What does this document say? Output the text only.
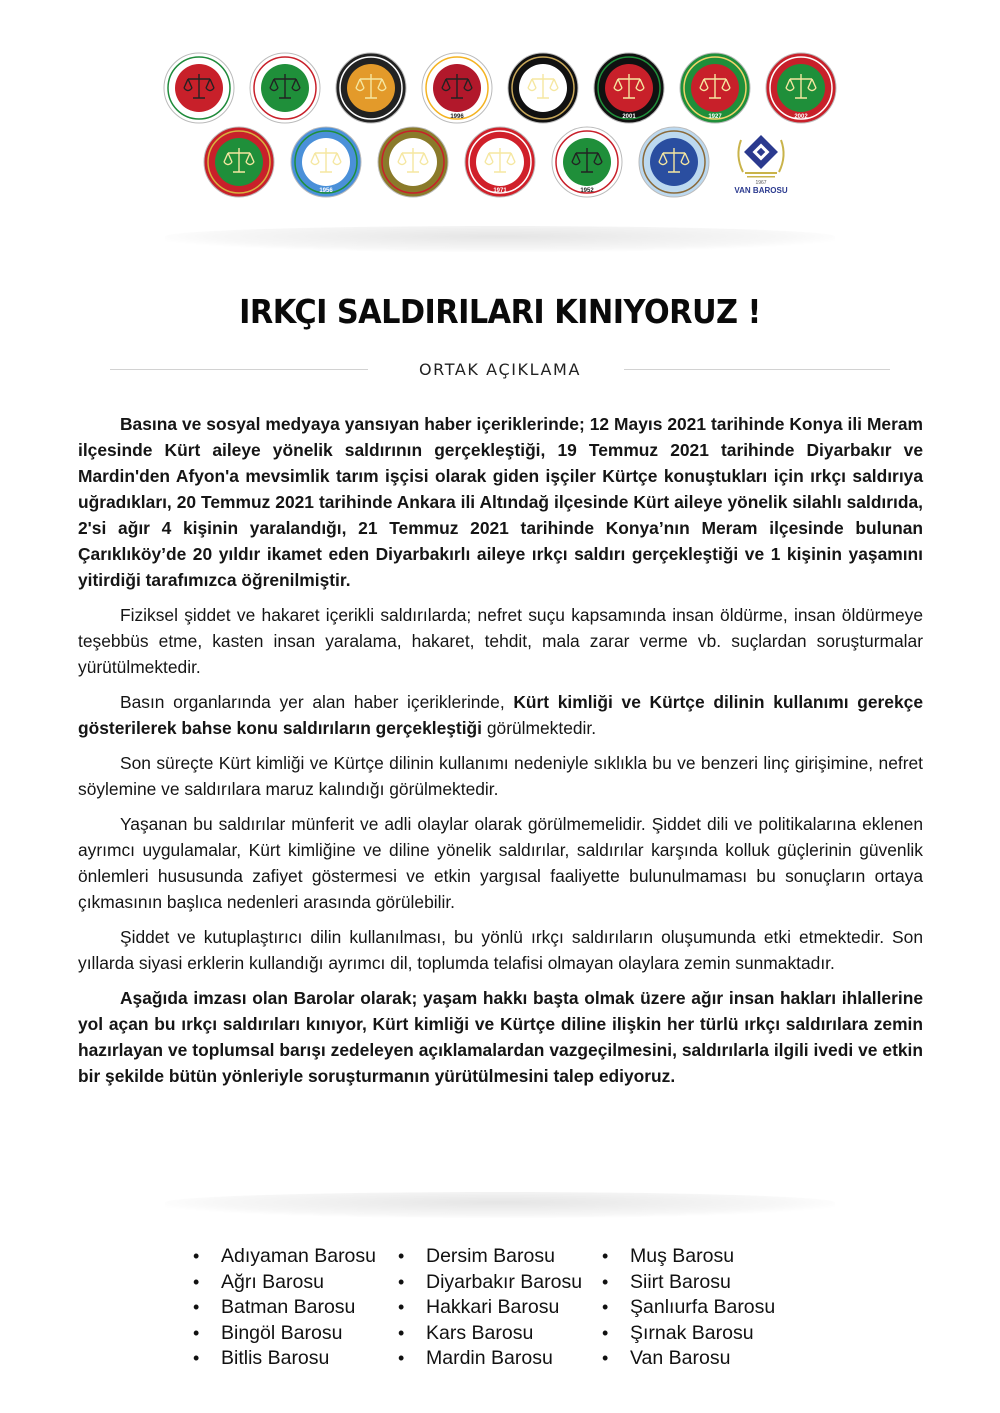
1996	2001	1927	2002
1956	1971	1952
1967
VAN BAROSU
IRKÇI SALDIRILARI KINIYORUZ !
ORTAK AÇIKLAMA

Basına ve sosyal medyaya yansıyan haber içeriklerinde; 12 Mayıs 2021 tarihinde Konya ili Meram ilçesinde Kürt aileye yönelik saldırının gerçekleştiği, 19 Temmuz 2021 tarihinde Diyarbakır ve Mardin'den Afyon'a mevsimlik tarım işçisi olarak giden işçiler Kürtçe konuştukları için ırkçı saldırıya uğradıkları, 20 Temmuz 2021 tarihinde Ankara ili Altındağ ilçesinde Kürt aileye yönelik silahlı saldırıda, 2'si ağır 4 kişinin yaralandığı, 21 Temmuz 2021 tarihinde Konya’nın Meram ilçesinde bulunan Çarıklıköy’de 20 yıldır ikamet eden Diyarbakırlı aileye ırkçı saldırı gerçekleştiği ve 1 kişinin yaşamını yitirdiği tarafımızca öğrenilmiştir.

Fiziksel şiddet ve hakaret içerikli saldırılarda; nefret suçu kapsamında insan öldürme, insan öldürmeye teşebbüs etme, kasten insan yaralama, hakaret, tehdit, mala zarar verme vb. suçlardan soruşturmalar yürütülmektedir.

Basın organlarında yer alan haber içeriklerinde, Kürt kimliği ve Kürtçe dilinin kullanımı gerekçe gösterilerek bahse konu saldırıların gerçekleştiği görülmektedir.

Son süreçte Kürt kimliği ve Kürtçe dilinin kullanımı nedeniyle sıklıkla bu ve benzeri linç girişimine, nefret söylemine ve saldırılara maruz kalındığı görülmektedir.

Yaşanan bu saldırılar münferit ve adli olaylar olarak görülmemelidir. Şiddet dili ve politikalarına eklenen ayrımcı uygulamalar, Kürt kimliğine ve diline yönelik saldırılar, saldırılar karşında kolluk güçlerinin güvenlik önlemleri hususunda zafiyet göstermesi ve etkin yargısal faaliyette bulunulmaması bu sonuçların ortaya çıkmasının başlıca nedenleri arasında görülebilir.

Şiddet ve kutuplaştırıcı dilin kullanılması, bu yönlü ırkçı saldırıların oluşumunda etki etmektedir. Son yıllarda siyasi erklerin kullandığı ayrımcı dil, toplumda telafisi olmayan olaylara zemin sunmaktadır.

Aşağıda imzası olan Barolar olarak; yaşam hakkı başta olmak üzere ağır insan hakları ihlallerine yol açan bu ırkçı saldırıları kınıyor, Kürt kimliği ve Kürtçe diline ilişkin her türlü ırkçı saldırılara zemin hazırlayan ve toplumsal barışı zedeleyen açıklamalardan vazgeçilmesini, saldırılarla ilgili ivedi ve etkin bir şekilde bütün yönleriyle soruşturmanın yürütülmesini talep ediyoruz.

• Adıyaman Barosu
• Ağrı Barosu
• Batman Barosu
• Bingöl Barosu
• Bitlis Barosu
• Dersim Barosu
• Diyarbakır Barosu
• Hakkari Barosu
• Kars Barosu
• Mardin Barosu
• Muş Barosu
• Siirt Barosu
• Şanlıurfa Barosu
• Şırnak Barosu
• Van Barosu
